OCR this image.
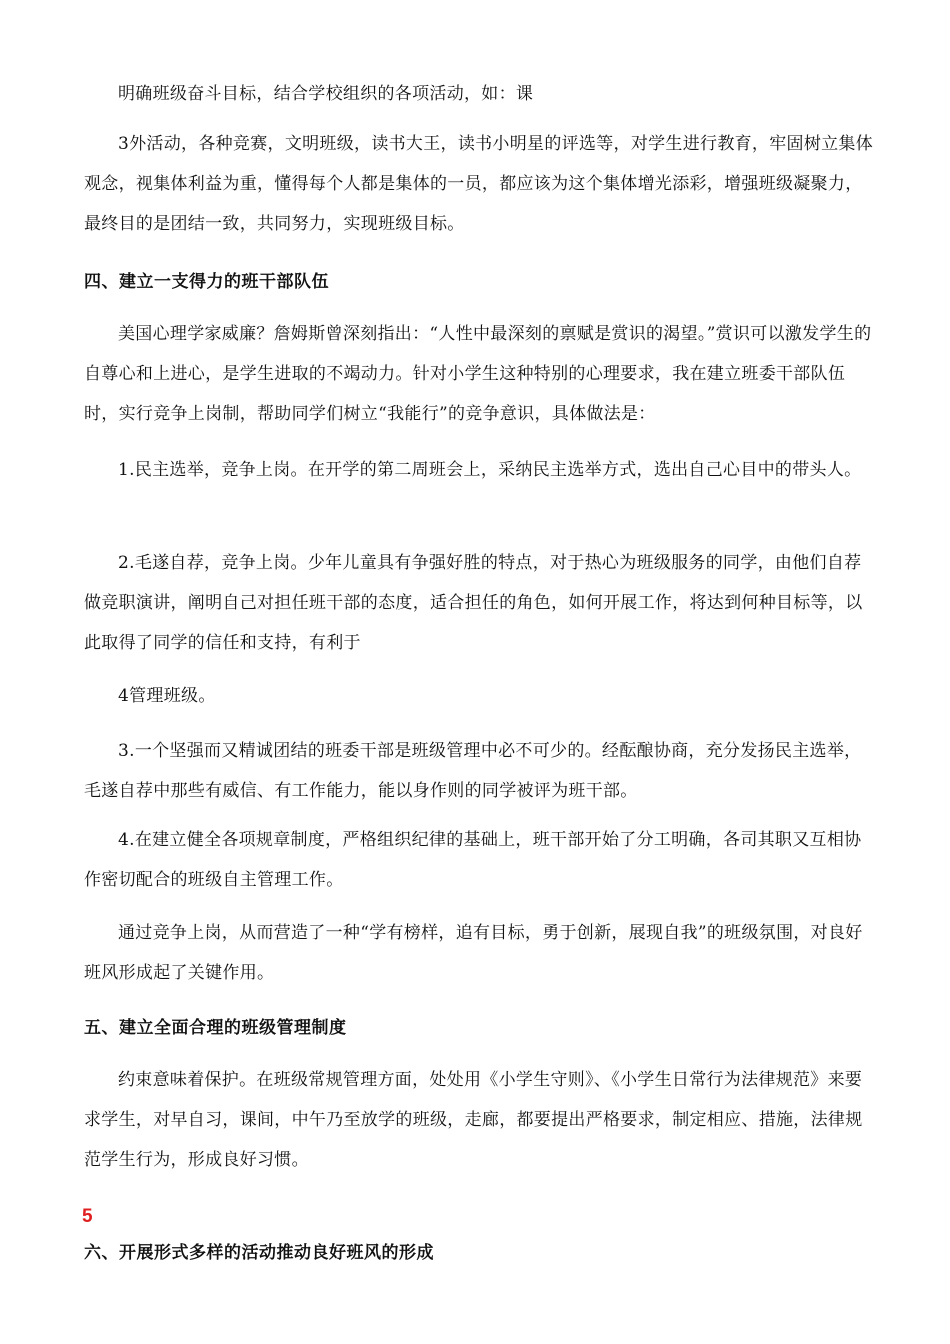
明确班级奋斗目标，结合学校组织的各项活动，如：课

3外活动，各种竞赛，文明班级，读书大王，读书小明星的评选等，对学生进行教育，牢固树立集体观念，视集体利益为重，懂得每个人都是集体的一员，都应该为这个集体增光添彩，增强班级凝聚力，最终目的是团结一致，共同努力，实现班级目标。

四、建立一支得力的班干部队伍

美国心理学家威廉？詹姆斯曾深刻指出：“人性中最深刻的禀赋是赏识的渴望。”赏识可以激发学生的自尊心和上进心，是学生进取的不竭动力。针对小学生这种特别的心理要求，我在建立班委干部队伍时，实行竞争上岗制，帮助同学们树立“我能行”的竞争意识，具体做法是：

1.民主选举，竞争上岗。在开学的第二周班会上，采纳民主选举方式，选出自己心目中的带头人。

2.毛遂自荐，竞争上岗。少年儿童具有争强好胜的特点，对于热心为班级服务的同学，由他们自荐做竞职演讲，阐明自己对担任班干部的态度，适合担任的角色，如何开展工作，将达到何种目标等，以此取得了同学的信任和支持，有利于

4管理班级。

3.一个坚强而又精诚团结的班委干部是班级管理中必不可少的。经酝酿协商，充分发扬民主选举，毛遂自荐中那些有威信、有工作能力，能以身作则的同学被评为班干部。

4.在建立健全各项规章制度，严格组织纪律的基础上，班干部开始了分工明确，各司其职又互相协作密切配合的班级自主管理工作。

通过竞争上岗，从而营造了一种“学有榜样，追有目标，勇于创新，展现自我”的班级氛围，对良好班风形成起了关键作用。

五、建立全面合理的班级管理制度

约束意味着保护。在班级常规管理方面，处处用《小学生守则》、《小学生日常行为法律规范》来要求学生，对早自习，课间，中午乃至放学的班级，走廊，都要提出严格要求，制定相应、措施，法律规范学生行为，形成良好习惯。

5
六、开展形式多样的活动推动良好班风的形成
